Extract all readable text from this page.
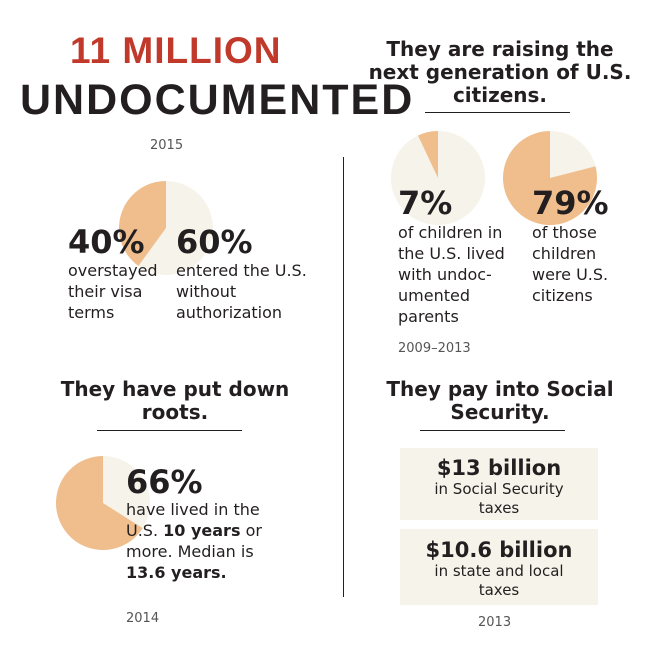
11 MILLION
UNDOCUMENTED
2015
40%
overstayed their visa terms
60%
entered the U.S. without authorization
They are raising the next generation of U.S. citizens.
7%
of children in the U.S. lived with undoc- umented parents
79%
of those children were U.S. citizens
2009–2013
They have put down roots.
66%
have lived in the U.S. 10 years or more. Median is 13.6 years.
2014
They pay into Social Security.
$13 billion
in Social Security taxes
$10.6 billion
in state and local taxes
2013
